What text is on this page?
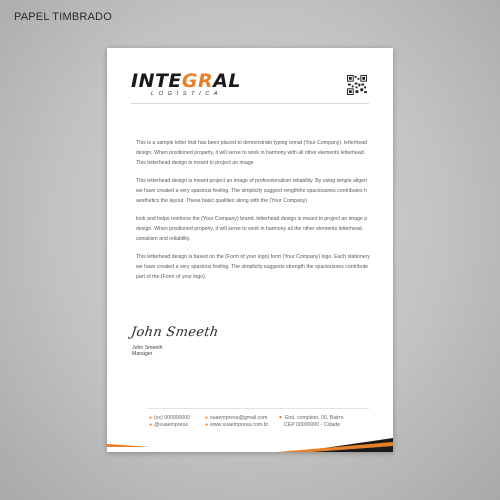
PAPEL TIMBRADO
INTEGRAL
LOGÍSTICA

This is a sample letter that has been placed to demonstrate typing remat (Your Company). letterhead
design. When positioned properly, it will serve to work in harmony with all other elements letterhead.
This letterhead design is meant to project an image

This letterhead design is meant project an image of professionalism reliability. By using simple aligen
we have created a very spacious feeling. The simplicity suggest rengththe spaciousnes contributes h
aesthetics the layout. These basic qualities along with the (Your Company)

look and helps reinforce the (Your Company) brand. letterhead design is meant to project an image p
design. When positioned properly, it will serve to work in harmony all the other elements letterhead.
sionalism and reliability.

This letterhead design is based on the (Form of your logo) form (Your Company) logo. Each stationery
we have created a very spacious feeling. The simplicity suggests strength the spaciousnes contribute
part of the (Form of your logo).

John Smeeth
John Smeeth
Manager
● (xx) 000000000
● @suaempresa
● suaempresa@gmail.com
● www.suaempresa.com.br
▼ End. completo, 00, Bairro
CEP 00000000 - Cidade
